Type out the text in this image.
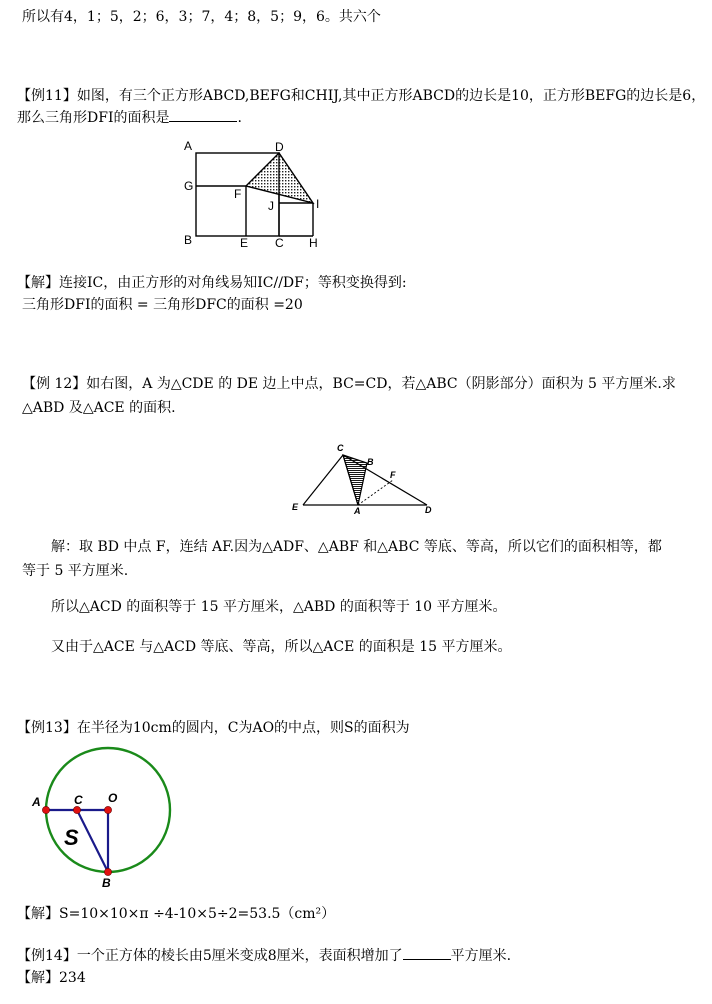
所以有4，1；5，2；6，3；7，4；8，5；9，6。共六个
【例11】如图，有三个正方形ABCD,BEFG和CHIJ,其中正方形ABCD的边长是10，正方形BEFG的边长是6，
那么三角形DFI的面积是	.
A	D
G
F
J	I
B	E C H
【解】连接IC，由正方形的对角线易知IC//DF；等积变换得到:
三角形DFI的面积 = 三角形DFC的面积 =20
【例 12】如右图，A 为△CDE 的 DE 边上中点，BC=CD，若△ABC（阴影部分）面积为 5 平方厘米.求
△ABD 及△ACE 的面积.
C
B
F
E	A	D
解：取 BD 中点 F，连结 AF.因为△ADF、△ABF 和△ABC 等底、等高，所以它们的面积相等，都
等于 5 平方厘米.
所以△ACD 的面积等于 15 平方厘米，△ABD 的面积等于 10 平方厘米。
又由于△ACE 与△ACD 等底、等高，所以△ACE 的面积是 15 平方厘米。
【例13】在半径为10cm的圆内，C为AO的中点，则S的面积为
A	C O
S
B
【解】S=10×10×π ÷4-10×5÷2=53.5（cm²）
【例14】一个正方体的棱长由5厘米变成8厘米，表面积增加了	平方厘米.
【解】234
